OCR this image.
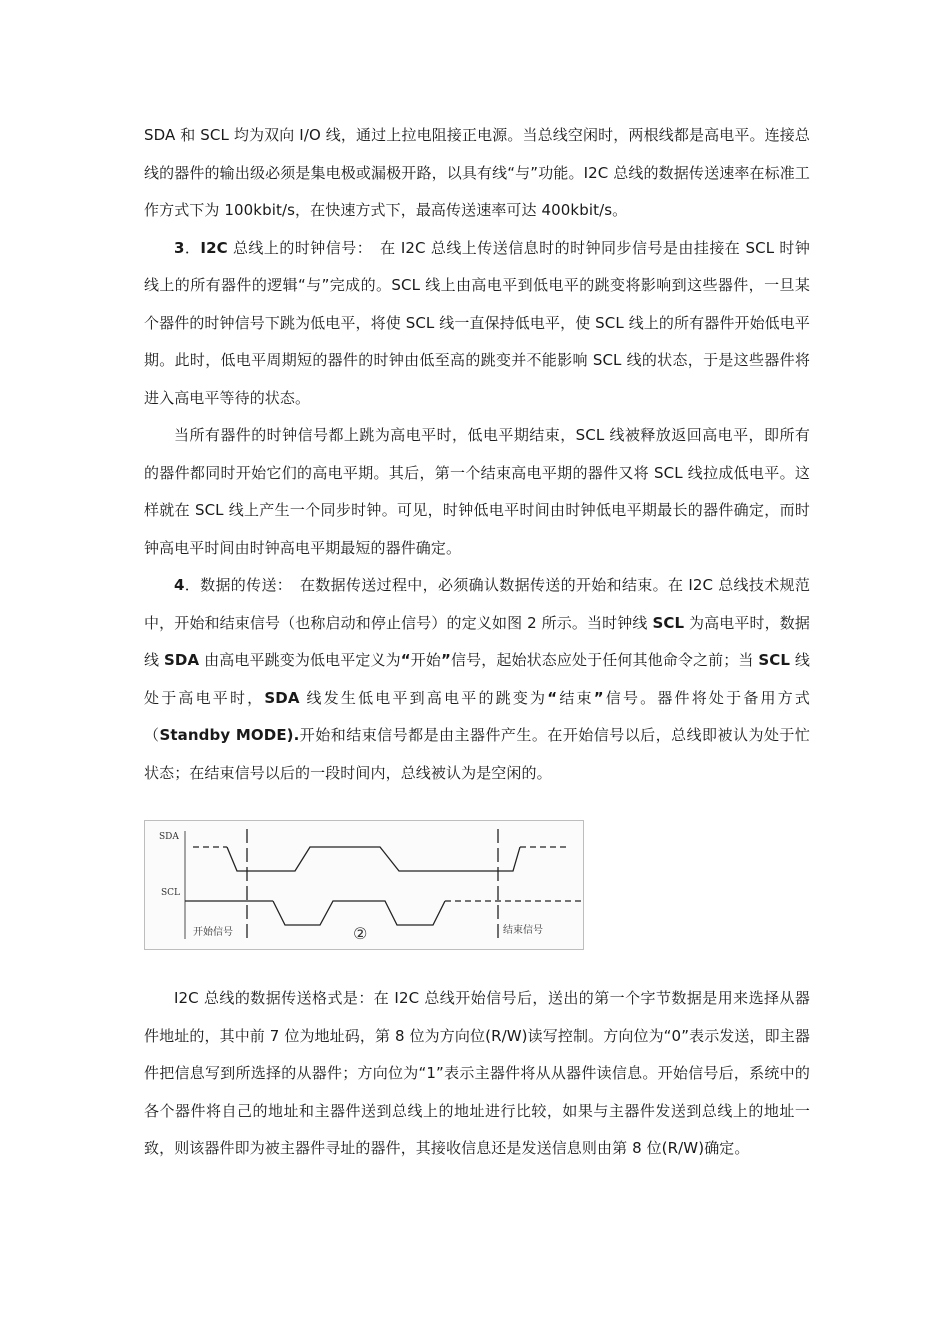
SDA 和 SCL 均为双向 I/O 线，通过上拉电阻接正电源。当总线空闲时，两根线都是高电平。连接总线的器件的输出级必须是集电极或漏极开路，以具有线“与”功能。I2C 总线的数据传送速率在标准工作方式下为 100kbit/s，在快速方式下，最高传送速率可达 400kbit/s。

3．I2C 总线上的时钟信号：　在 I2C 总线上传送信息时的时钟同步信号是由挂接在 SCL 时钟线上的所有器件的逻辑“与”完成的。SCL 线上由高电平到低电平的跳变将影响到这些器件，一旦某个器件的时钟信号下跳为低电平，将使 SCL 线一直保持低电平，使 SCL 线上的所有器件开始低电平期。此时，低电平周期短的器件的时钟由低至高的跳变并不能影响 SCL 线的状态，于是这些器件将进入高电平等待的状态。

当所有器件的时钟信号都上跳为高电平时，低电平期结束，SCL 线被释放返回高电平，即所有的器件都同时开始它们的高电平期。其后，第一个结束高电平期的器件又将 SCL 线拉成低电平。这样就在 SCL 线上产生一个同步时钟。可见，时钟低电平时间由时钟低电平期最长的器件确定，而时钟高电平时间由时钟高电平期最短的器件确定。

4．数据的传送：　在数据传送过程中，必须确认数据传送的开始和结束。在 I2C 总线技术规范中，开始和结束信号（也称启动和停止信号）的定义如图 2 所示。当时钟线 SCL 为高电平时，数据线 SDA 由高电平跳变为低电平定义为“开始”信号，起始状态应处于任何其他命令之前；当 SCL 线处于高电平时，SDA 线发生低电平到高电平的跳变为“结束”信号。器件将处于备用方式（Standby MODE).开始和结束信号都是由主器件产生。在开始信号以后，总线即被认为处于忙状态；在结束信号以后的一段时间内，总线被认为是空闲的。

SDA
SCL
开始信号	结束信号
②

I2C 总线的数据传送格式是：在 I2C 总线开始信号后，送出的第一个字节数据是用来选择从器件地址的，其中前 7 位为地址码，第 8 位为方向位(R/W)读写控制。方向位为“0”表示发送，即主器件把信息写到所选择的从器件；方向位为“1”表示主器件将从从器件读信息。开始信号后，系统中的各个器件将自己的地址和主器件送到总线上的地址进行比较，如果与主器件发送到总线上的地址一致，则该器件即为被主器件寻址的器件，其接收信息还是发送信息则由第 8 位(R/W)确定。
